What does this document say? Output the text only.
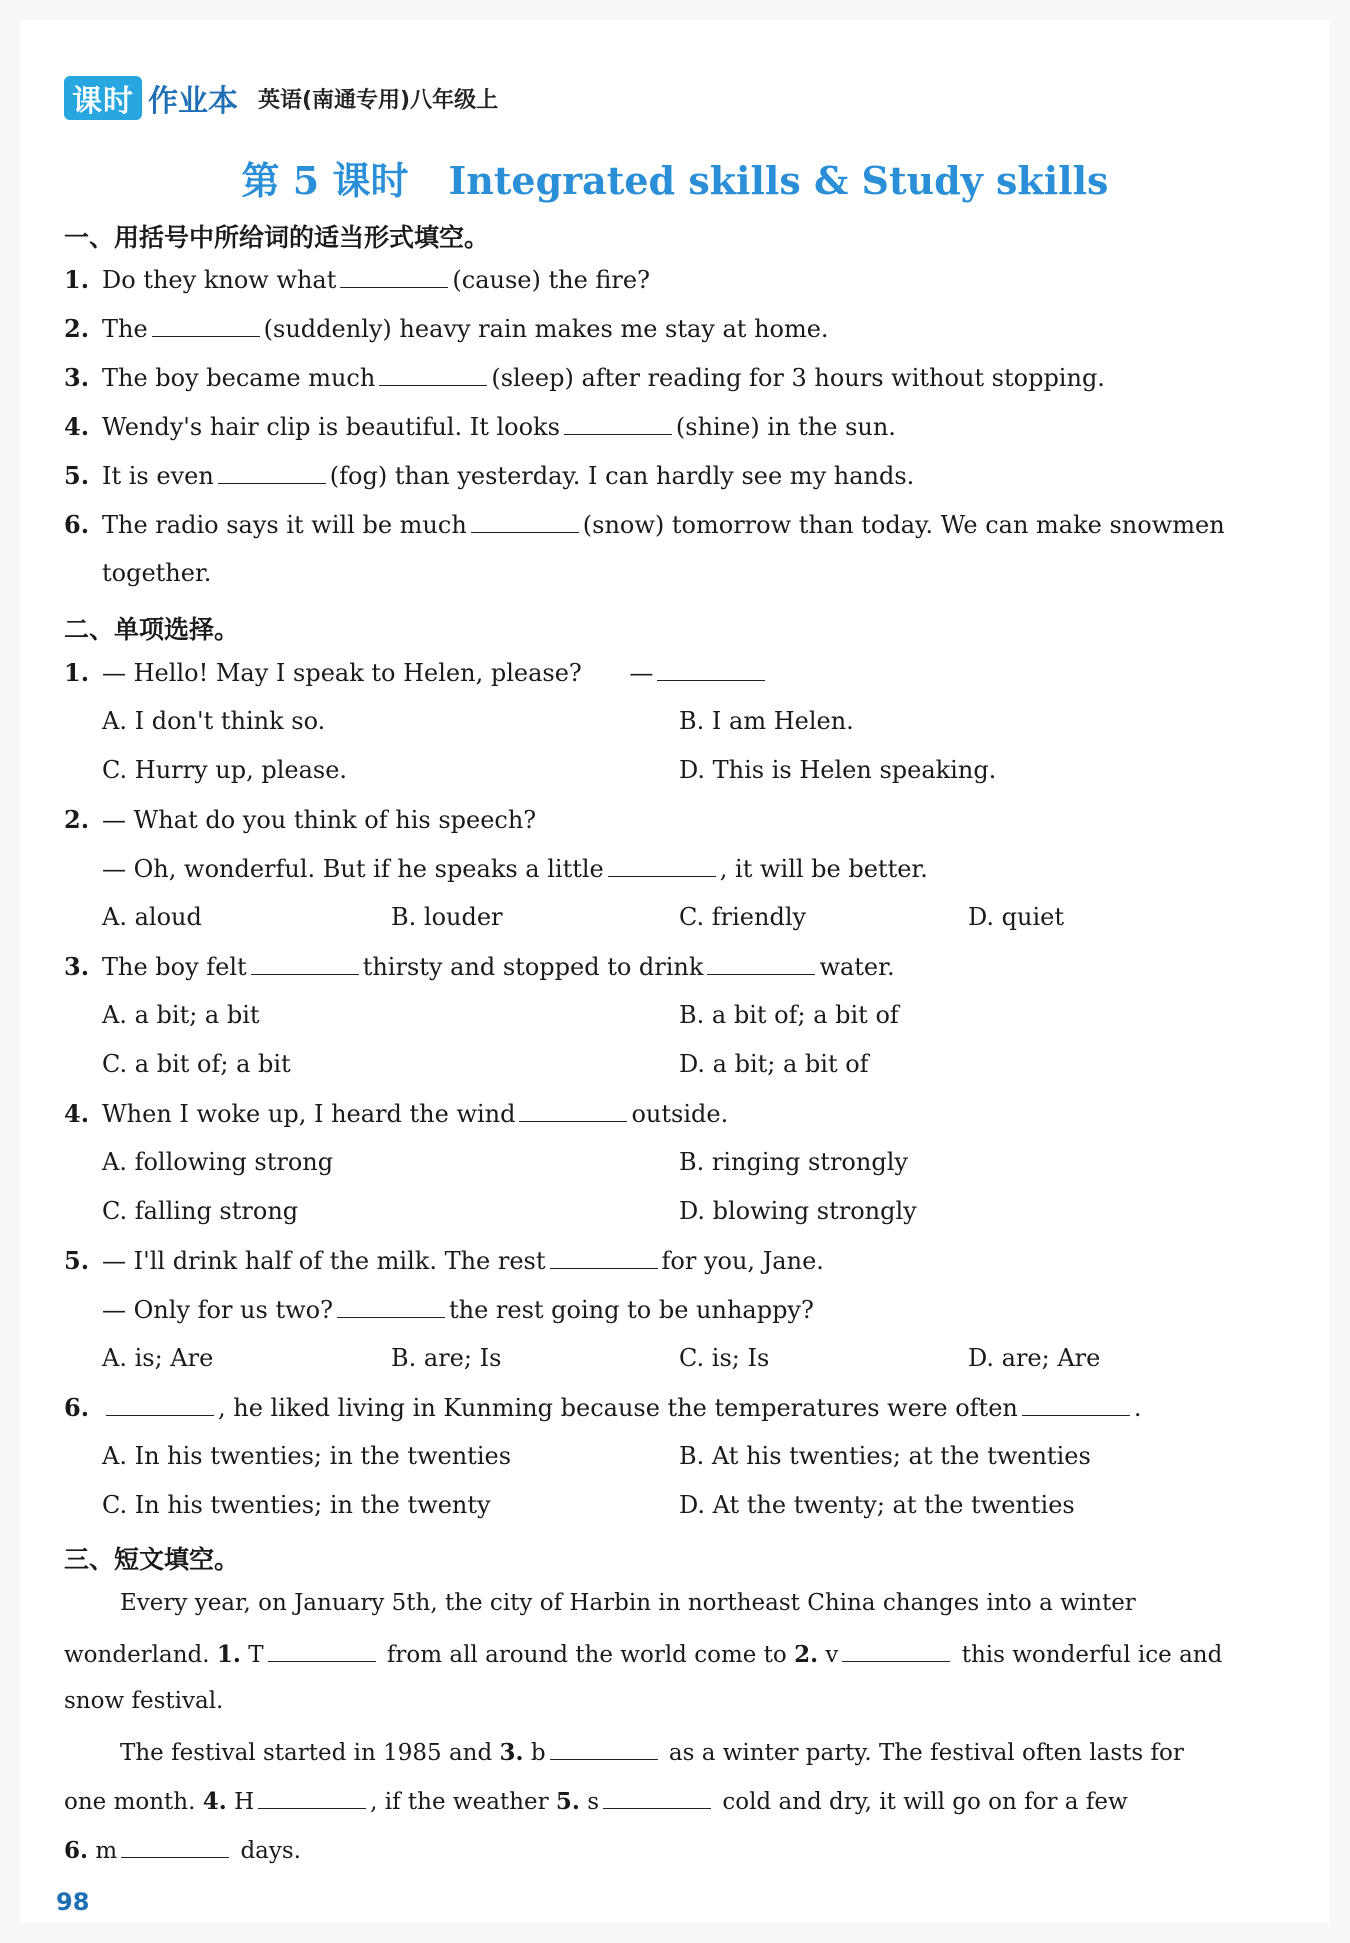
课时 作业本 英语(南通专用)八年级上
第 5 课时 Integrated skills & Study skills
一、用括号中所给词的适当形式填空。
1. Do they know what	(cause) the fire?
2. The	(suddenly) heavy rain makes me stay at home.
3. The boy became much	(sleep) after reading for 3 hours without stopping.
4. Wendy's hair clip is beautiful. It looks	(shine) in the sun.
5. It is even	(fog) than yesterday. I can hardly see my hands.
6. The radio says it will be much	(snow) tomorrow than today. We can make snowmen
together.
二、单项选择。
1. — Hello! May I speak to Helen, please? —
A. I don't think so.	B. I am Helen.
C. Hurry up, please.	D. This is Helen speaking.
2. — What do you think of his speech?
— Oh, wonderful. But if he speaks a little	, it will be better.
A. aloud	B. louder	C. friendly	D. quiet
3. The boy felt	thirsty and stopped to drink	water.
A. a bit; a bit	B. a bit of; a bit of
C. a bit of; a bit	D. a bit; a bit of
4. When I woke up, I heard the wind	outside.
A. following strong	B. ringing strongly
C. falling strong	D. blowing strongly
5. — I'll drink half of the milk. The rest	for you, Jane.
— Only for us two?	the rest going to be unhappy?
A. is; Are	B. are; Is	C. is; Is	D. are; Are
6.	, he liked living in Kunming because the temperatures were often	.
A. In his twenties; in the twenties	B. At his twenties; at the twenties
C. In his twenties; in the twenty	D. At the twenty; at the twenties
三、短文填空。
Every year, on January 5th, the city of Harbin in northeast China changes into a winter
wonderland. 1. T	from all around the world come to 2. v	this wonderful ice and
snow festival.
The festival started in 1985 and 3. b	as a winter party. The festival often lasts for
one month. 4. H	, if the weather 5. s	cold and dry, it will go on for a few
6. m	days.
98
